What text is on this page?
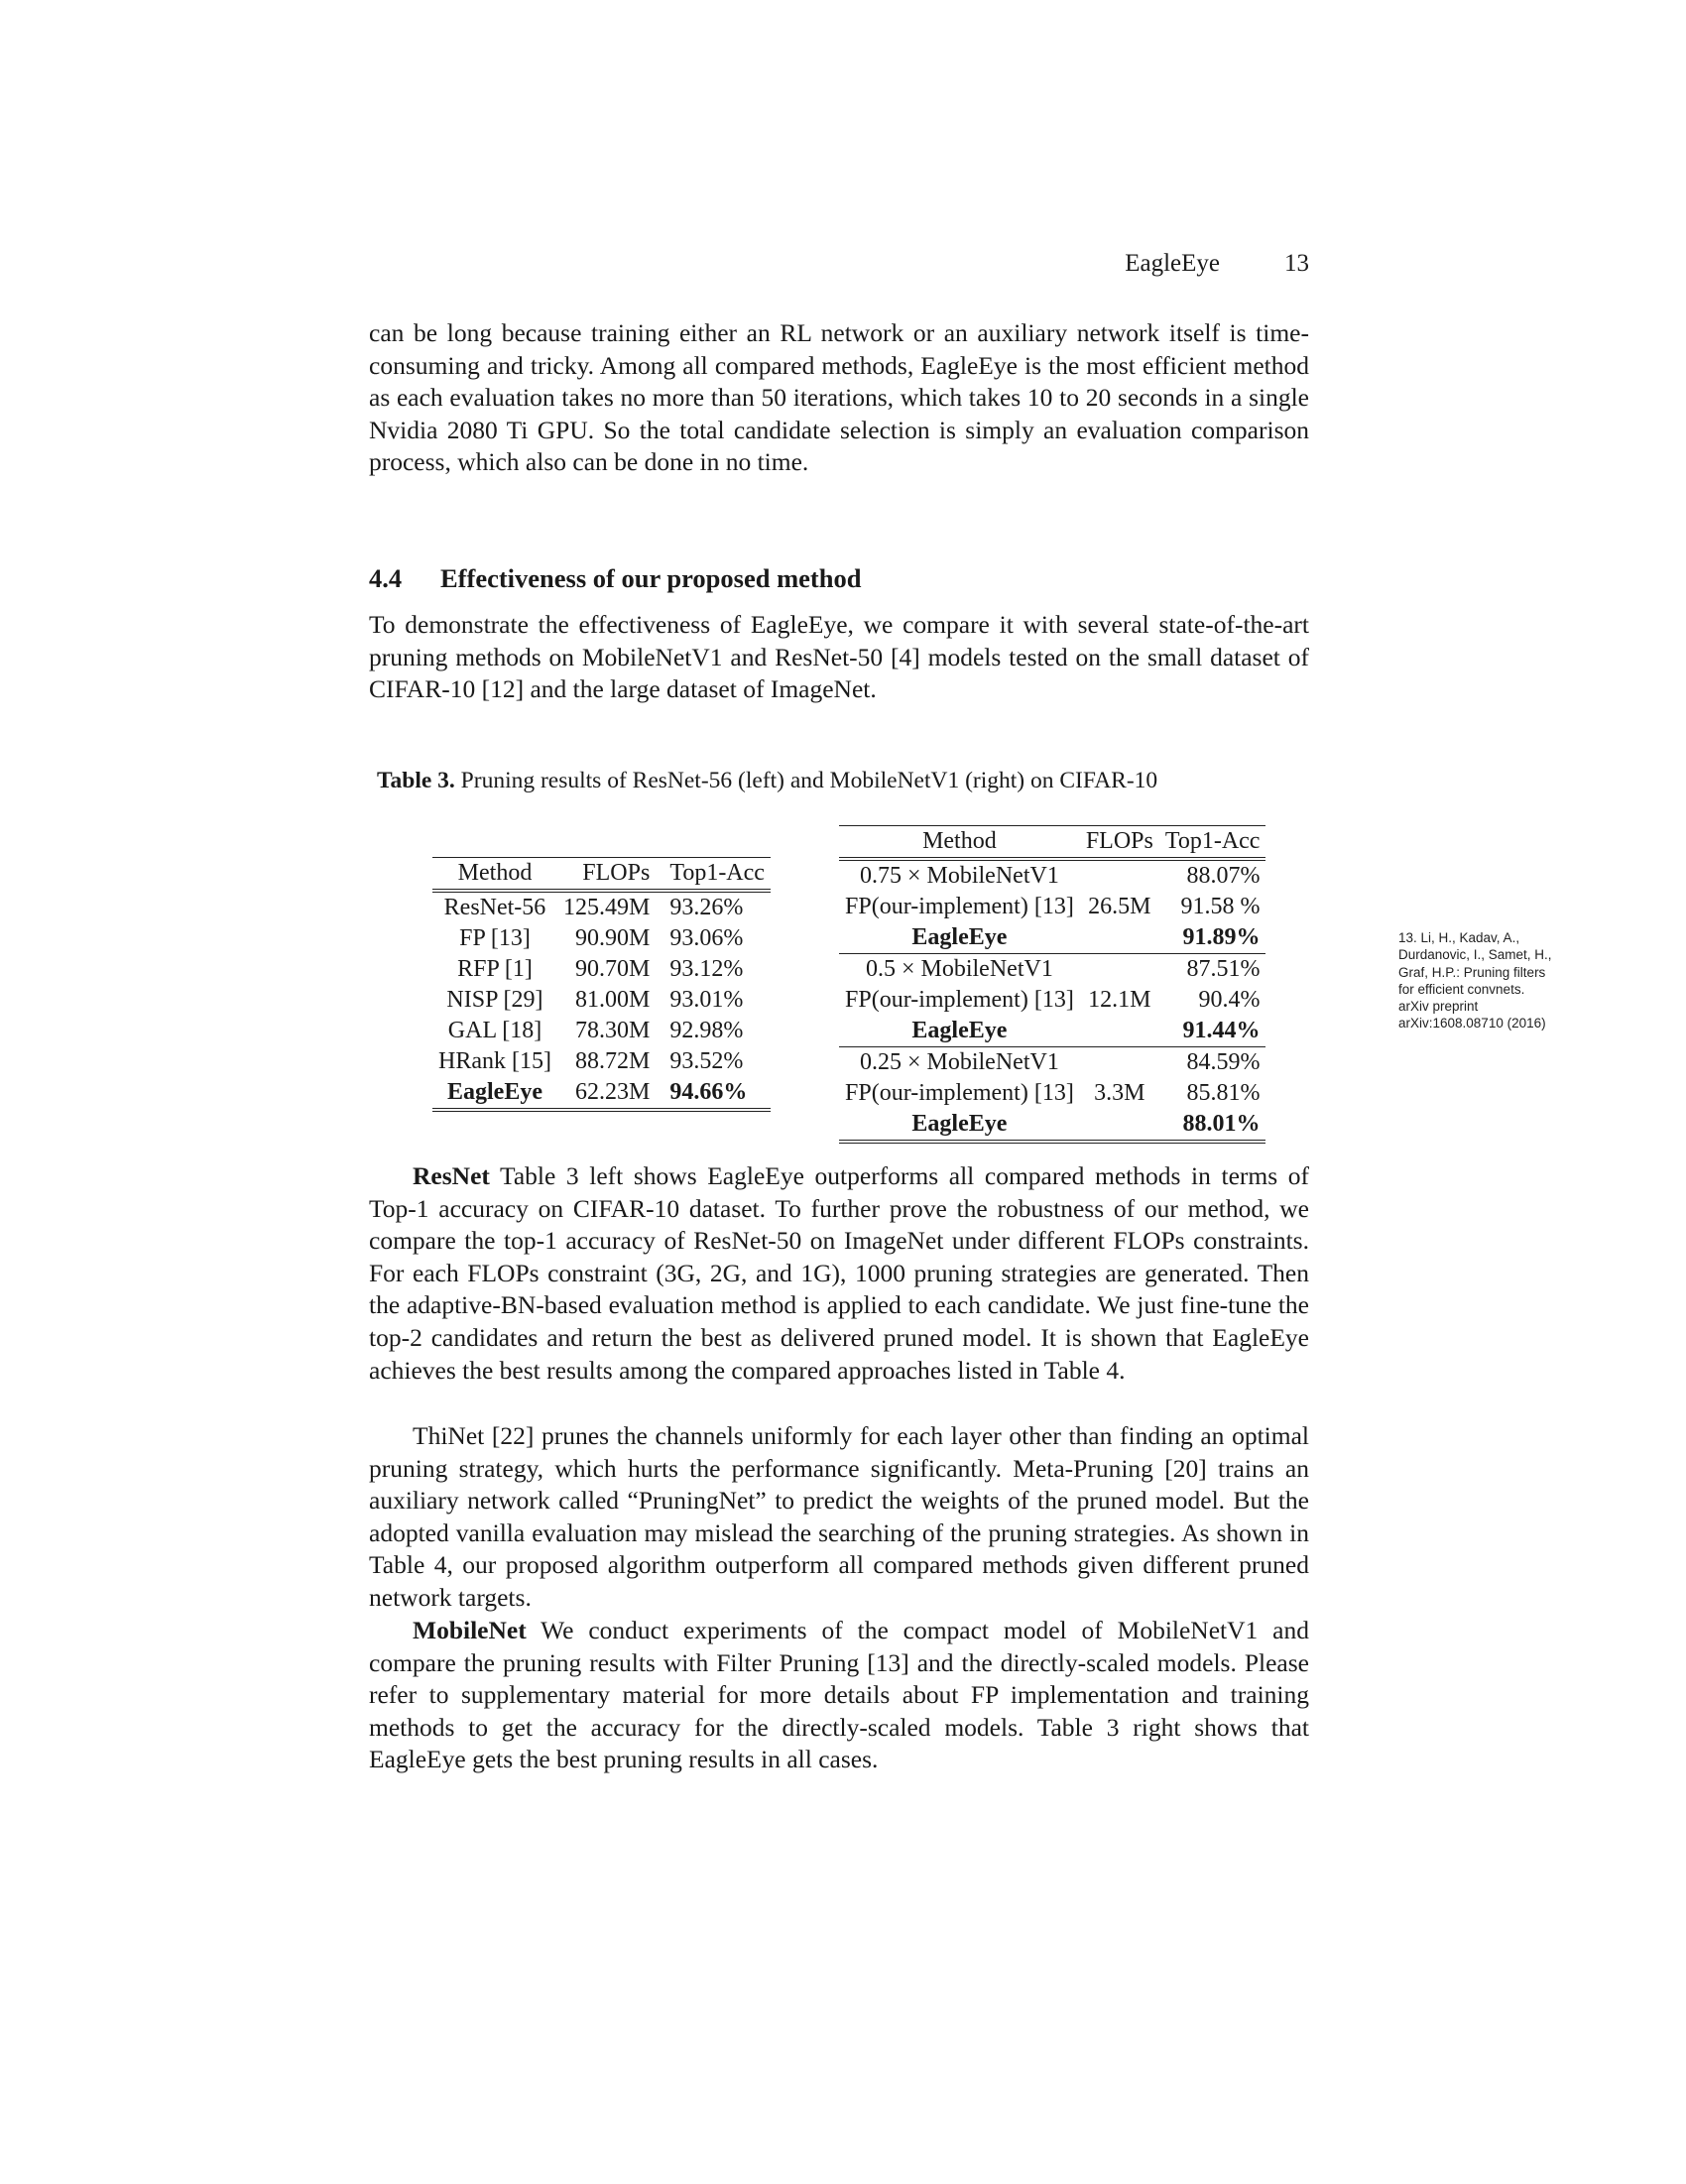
EagleEye	13

can be long because training either an RL network or an auxiliary network itself is time-consuming and tricky. Among all compared methods, EagleEye is the most efficient method as each evaluation takes no more than 50 iterations, which takes 10 to 20 seconds in a single Nvidia 2080 Ti GPU. So the total candidate selection is simply an evaluation comparison process, which also can be done in no time.

4.4 Effectiveness of our proposed method

To demonstrate the effectiveness of EagleEye, we compare it with several state-of-the-art pruning methods on MobileNetV1 and ResNet-50 [4] models tested on the small dataset of CIFAR-10 [12] and the large dataset of ImageNet.

Table 3. Pruning results of ResNet-56 (left) and MobileNetV1 (right) on CIFAR-10
Method	FLOPs	Top1-Acc
ResNet-56	125.49M	93.26%
FP [13]	90.90M	93.06%
RFP [1]	90.70M	93.12%
NISP [29]	81.00M	93.01%
GAL [18]	78.30M	92.98%
HRank [15]	88.72M	93.52%
EagleEye	62.23M	94.66%
Method	FLOPs	Top1-Acc
0.75 × MobileNetV1		88.07%
FP(our-implement) [13]	26.5M	91.58 %
EagleEye		91.89%
0.5 × MobileNetV1		87.51%
FP(our-implement) [13]	12.1M	90.4%
EagleEye		91.44%
0.25 × MobileNetV1		84.59%
FP(our-implement) [13]	3.3M	85.81%
EagleEye		88.01%
13. Li, H., Kadav, A., Durdanovic, I., Samet, H., Graf, H.P.: Pruning filters for efficient convnets. arXiv preprint arXiv:1608.08710 (2016)

ResNet Table 3 left shows EagleEye outperforms all compared methods in terms of Top-1 accuracy on CIFAR-10 dataset. To further prove the robustness of our method, we compare the top-1 accuracy of ResNet-50 on ImageNet under different FLOPs constraints. For each FLOPs constraint (3G, 2G, and 1G), 1000 pruning strategies are generated. Then the adaptive-BN-based evaluation method is applied to each candidate. We just fine-tune the top-2 candidates and return the best as delivered pruned model. It is shown that EagleEye achieves the best results among the compared approaches listed in Table 4.

ThiNet [22] prunes the channels uniformly for each layer other than finding an optimal pruning strategy, which hurts the performance significantly. Meta-Pruning [20] trains an auxiliary network called “PruningNet” to predict the weights of the pruned model. But the adopted vanilla evaluation may mislead the searching of the pruning strategies. As shown in Table 4, our proposed algorithm outperform all compared methods given different pruned network targets.

MobileNet We conduct experiments of the compact model of MobileNetV1 and compare the pruning results with Filter Pruning [13] and the directly-scaled models. Please refer to supplementary material for more details about FP implementation and training methods to get the accuracy for the directly-scaled models. Table 3 right shows that EagleEye gets the best pruning results in all cases.
